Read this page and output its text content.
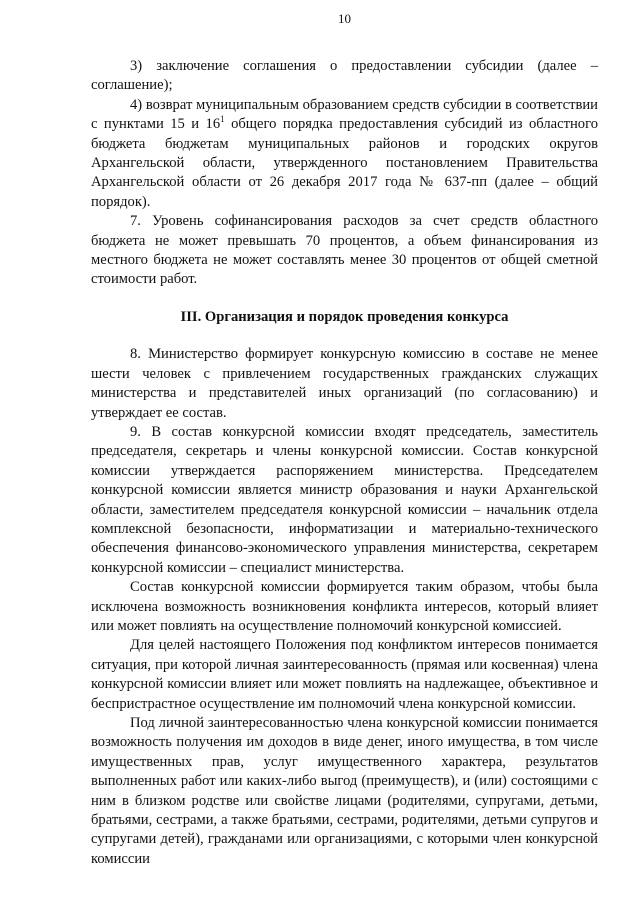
10

3) заключение соглашения о предоставлении субсидии (далее – соглашение);

4) возврат муниципальным образованием средств субсидии в соответствии с пунктами 15 и $16^1$ общего порядка предоставления субсидий из областного бюджета бюджетам муниципальных районов и городских округов Архангельской области, утвержденного постановлением Правительства Архангельской области от 26 декабря 2017 года № 637-пп (далее – общий порядок).

7. Уровень софинансирования расходов за счет средств областного бюджета не может превышать 70 процентов, а объем финансирования из местного бюджета не может составлять менее 30 процентов от общей сметной стоимости работ.

III. Организация и порядок проведения конкурса

8. Министерство формирует конкурсную комиссию в составе не менее шести человек с привлечением государственных гражданских служащих министерства и представителей иных организаций (по согласованию) и утверждает ее состав.

9. В состав конкурсной комиссии входят председатель, заместитель председателя, секретарь и члены конкурсной комиссии. Состав конкурсной комиссии утверждается распоряжением министерства. Председателем конкурсной комиссии является министр образования и науки Архангельской области, заместителем председателя конкурсной комиссии – начальник отдела комплексной безопасности, информатизации и материально-технического обеспечения финансово-экономического управления министерства, секретарем конкурсной комиссии – специалист министерства.

Состав конкурсной комиссии формируется таким образом, чтобы была исключена возможность возникновения конфликта интересов, который влияет или может повлиять на осуществление полномочий конкурсной комиссией.

Для целей настоящего Положения под конфликтом интересов понимается ситуация, при которой личная заинтересованность (прямая или косвенная) члена конкурсной комиссии влияет или может повлиять на надлежащее, объективное и беспристрастное осуществление им полномочий члена конкурсной комиссии.

Под личной заинтересованностью члена конкурсной комиссии понимается возможность получения им доходов в виде денег, иного имущества, в том числе имущественных прав, услуг имущественного характера, результатов выполненных работ или каких-либо выгод (преимуществ), и (или) состоящими с ним в близком родстве или свойстве лицами (родителями, супругами, детьми, братьями, сестрами, а также братьями, сестрами, родителями, детьми супругов и супругами детей), гражданами или организациями, с которыми член конкурсной комиссии
